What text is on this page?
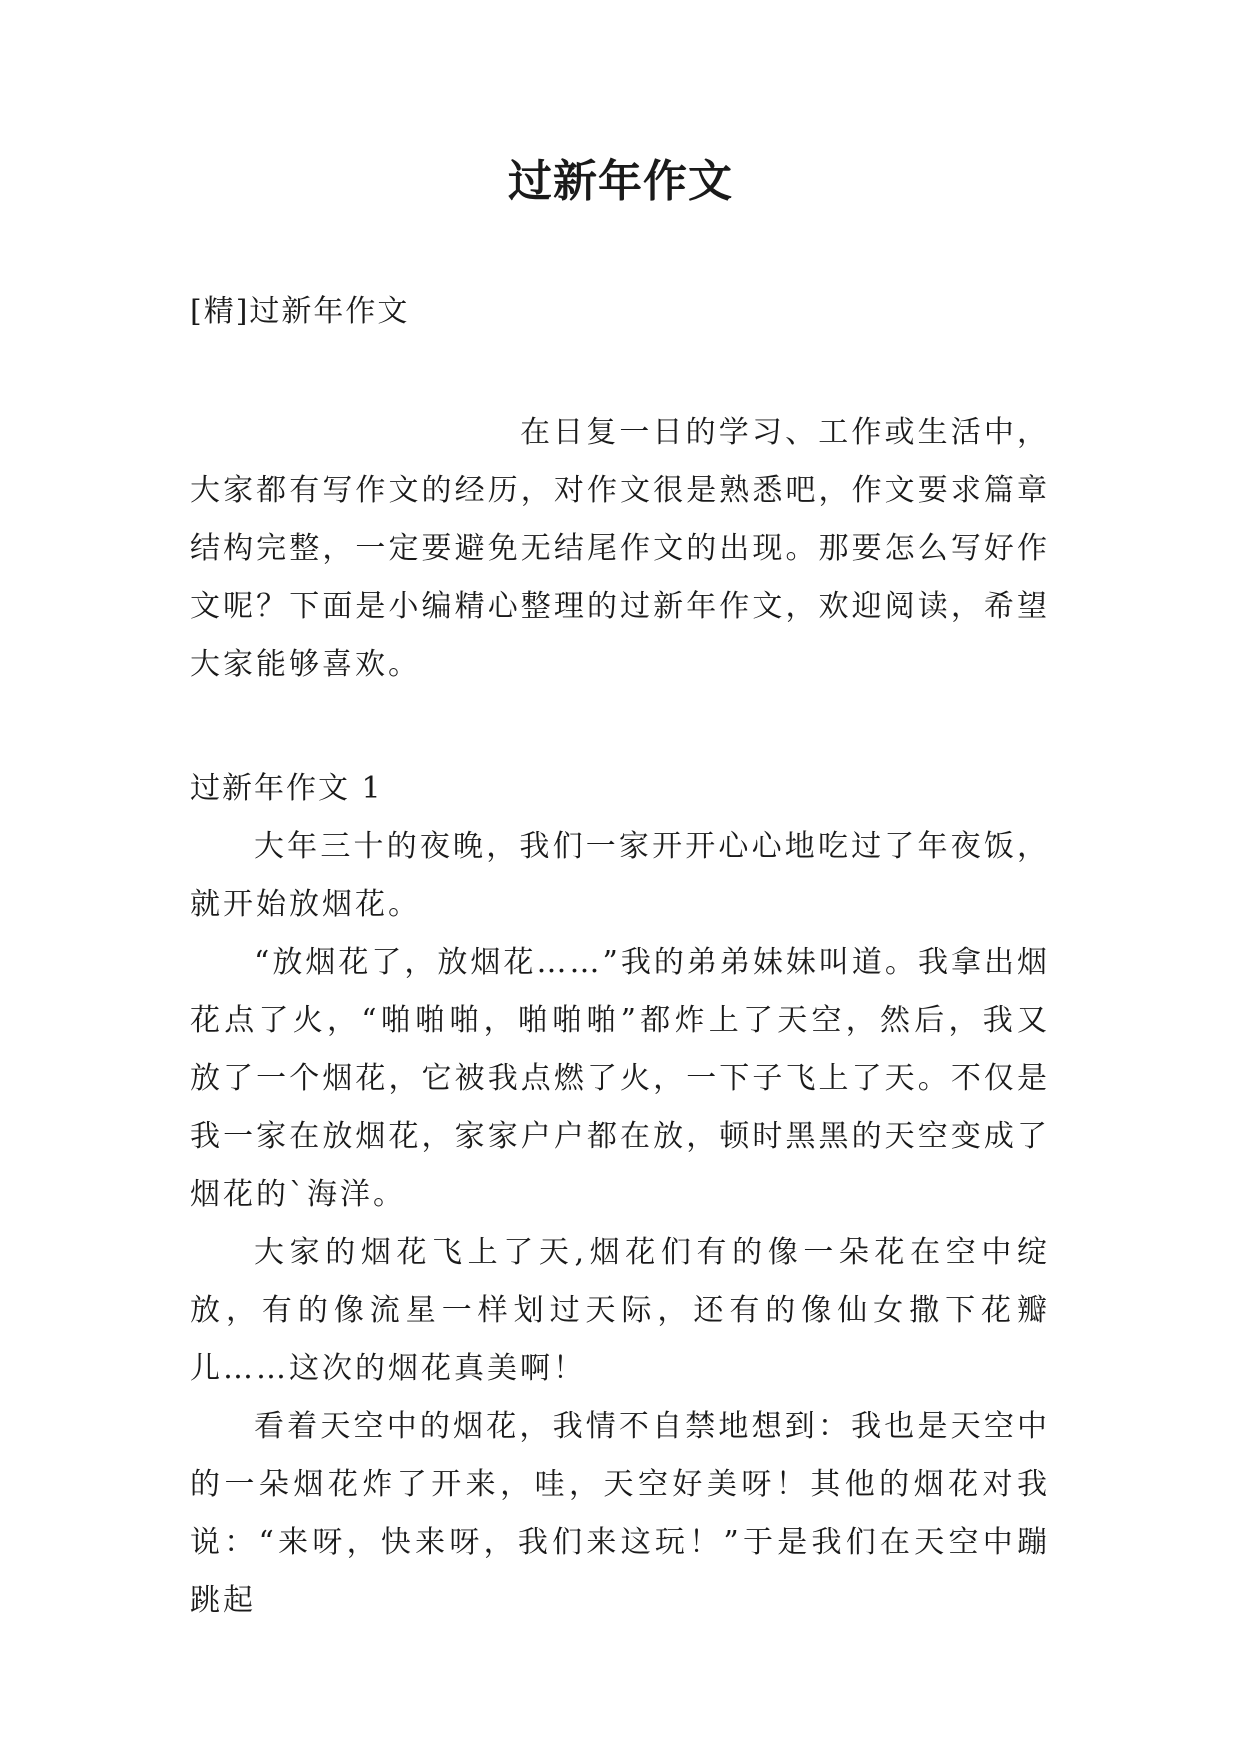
过新年作文
[精]过新年作文

在日复一日的学习、工作或生活中，大家都有写作文的经历，对作文很是熟悉吧，作文要求篇章结构完整，一定要避免无结尾作文的出现。那要怎么写好作文呢？下面是小编精心整理的过新年作文，欢迎阅读，希望大家能够喜欢。

过新年作文 1

大年三十的夜晚，我们一家开开心心地吃过了年夜饭，就开始放烟花。

“放烟花了，放烟花……”我的弟弟妹妹叫道。我拿出烟花点了火，“啪啪啪，啪啪啪”都炸上了天空，然后，我又放了一个烟花，它被我点燃了火，一下子飞上了天。不仅是我一家在放烟花，家家户户都在放，顿时黑黑的天空变成了烟花的`海洋。

大家的烟花飞上了天,烟花们有的像一朵花在空中绽放，有的像流星一样划过天际，还有的像仙女撒下花瓣儿……这次的烟花真美啊！

看着天空中的烟花，我情不自禁地想到：我也是天空中的一朵烟花炸了开来，哇，天空好美呀！其他的烟花对我说：“来呀，快来呀，我们来这玩！”于是我们在天空中蹦跳起
